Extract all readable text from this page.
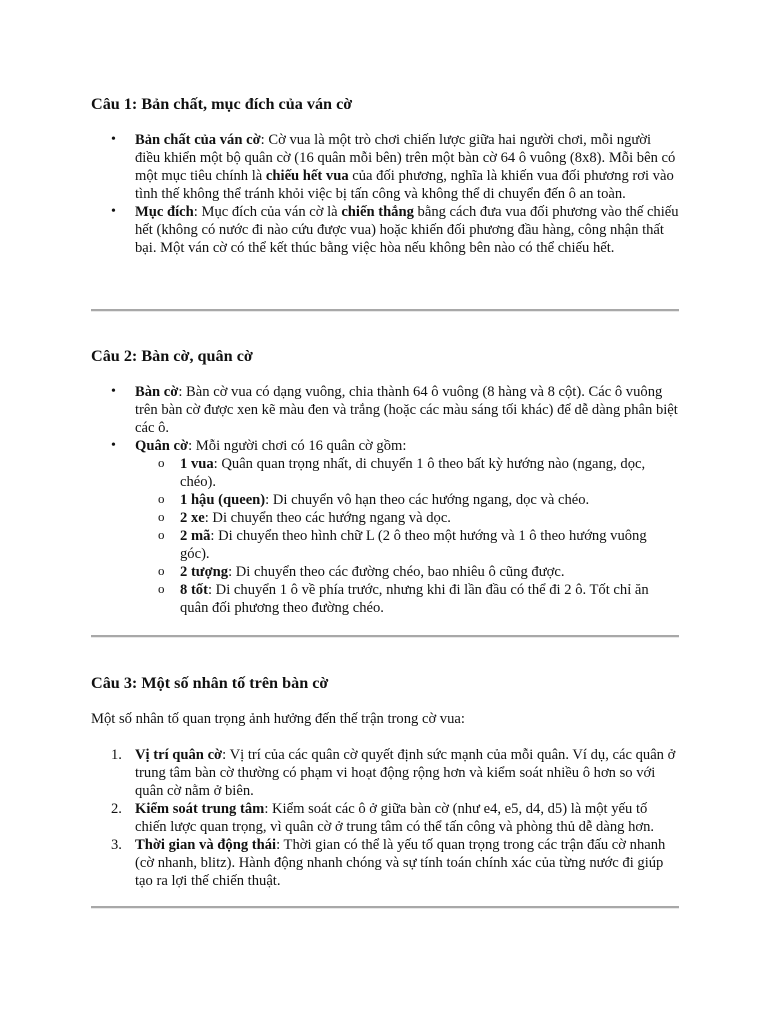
Câu 1: Bản chất, mục đích của ván cờ
• Bản chất của ván cờ: Cờ vua là một trò chơi chiến lược giữa hai người chơi, mỗi người điều khiển một bộ quân cờ (16 quân mỗi bên) trên một bàn cờ 64 ô vuông (8x8). Mỗi bên có một mục tiêu chính là chiếu hết vua của đối phương, nghĩa là khiến vua đối phương rơi vào tình thế không thể tránh khỏi việc bị tấn công và không thể di chuyển đến ô an toàn.
• Mục đích: Mục đích của ván cờ là chiến thắng bằng cách đưa vua đối phương vào thế chiếu hết (không có nước đi nào cứu được vua) hoặc khiến đối phương đầu hàng, công nhận thất bại. Một ván cờ có thể kết thúc bằng việc hòa nếu không bên nào có thể chiếu hết.
Câu 2: Bàn cờ, quân cờ
• Bàn cờ: Bàn cờ vua có dạng vuông, chia thành 64 ô vuông (8 hàng và 8 cột). Các ô vuông trên bàn cờ được xen kẽ màu đen và trắng (hoặc các màu sáng tối khác) để dễ dàng phân biệt các ô.
• Quân cờ: Mỗi người chơi có 16 quân cờ gồm:
o 1 vua: Quân quan trọng nhất, di chuyển 1 ô theo bất kỳ hướng nào (ngang, dọc, chéo).
o 1 hậu (queen): Di chuyển vô hạn theo các hướng ngang, dọc và chéo.
o 2 xe: Di chuyển theo các hướng ngang và dọc.
o 2 mã: Di chuyển theo hình chữ L (2 ô theo một hướng và 1 ô theo hướng vuông góc).
o 2 tượng: Di chuyển theo các đường chéo, bao nhiêu ô cũng được.
o 8 tốt: Di chuyển 1 ô về phía trước, nhưng khi đi lần đầu có thể đi 2 ô. Tốt chỉ ăn quân đối phương theo đường chéo.
Câu 3: Một số nhân tố trên bàn cờ

Một số nhân tố quan trọng ảnh hưởng đến thế trận trong cờ vua:

1. Vị trí quân cờ: Vị trí của các quân cờ quyết định sức mạnh của mỗi quân. Ví dụ, các quân ở trung tâm bàn cờ thường có phạm vi hoạt động rộng hơn và kiểm soát nhiều ô hơn so với quân cờ nằm ở biên.
2. Kiểm soát trung tâm: Kiểm soát các ô ở giữa bàn cờ (như e4, e5, d4, d5) là một yếu tố chiến lược quan trọng, vì quân cờ ở trung tâm có thể tấn công và phòng thủ dễ dàng hơn.
3. Thời gian và động thái: Thời gian có thể là yếu tố quan trọng trong các trận đấu cờ nhanh (cờ nhanh, blitz). Hành động nhanh chóng và sự tính toán chính xác của từng nước đi giúp tạo ra lợi thế chiến thuật.
